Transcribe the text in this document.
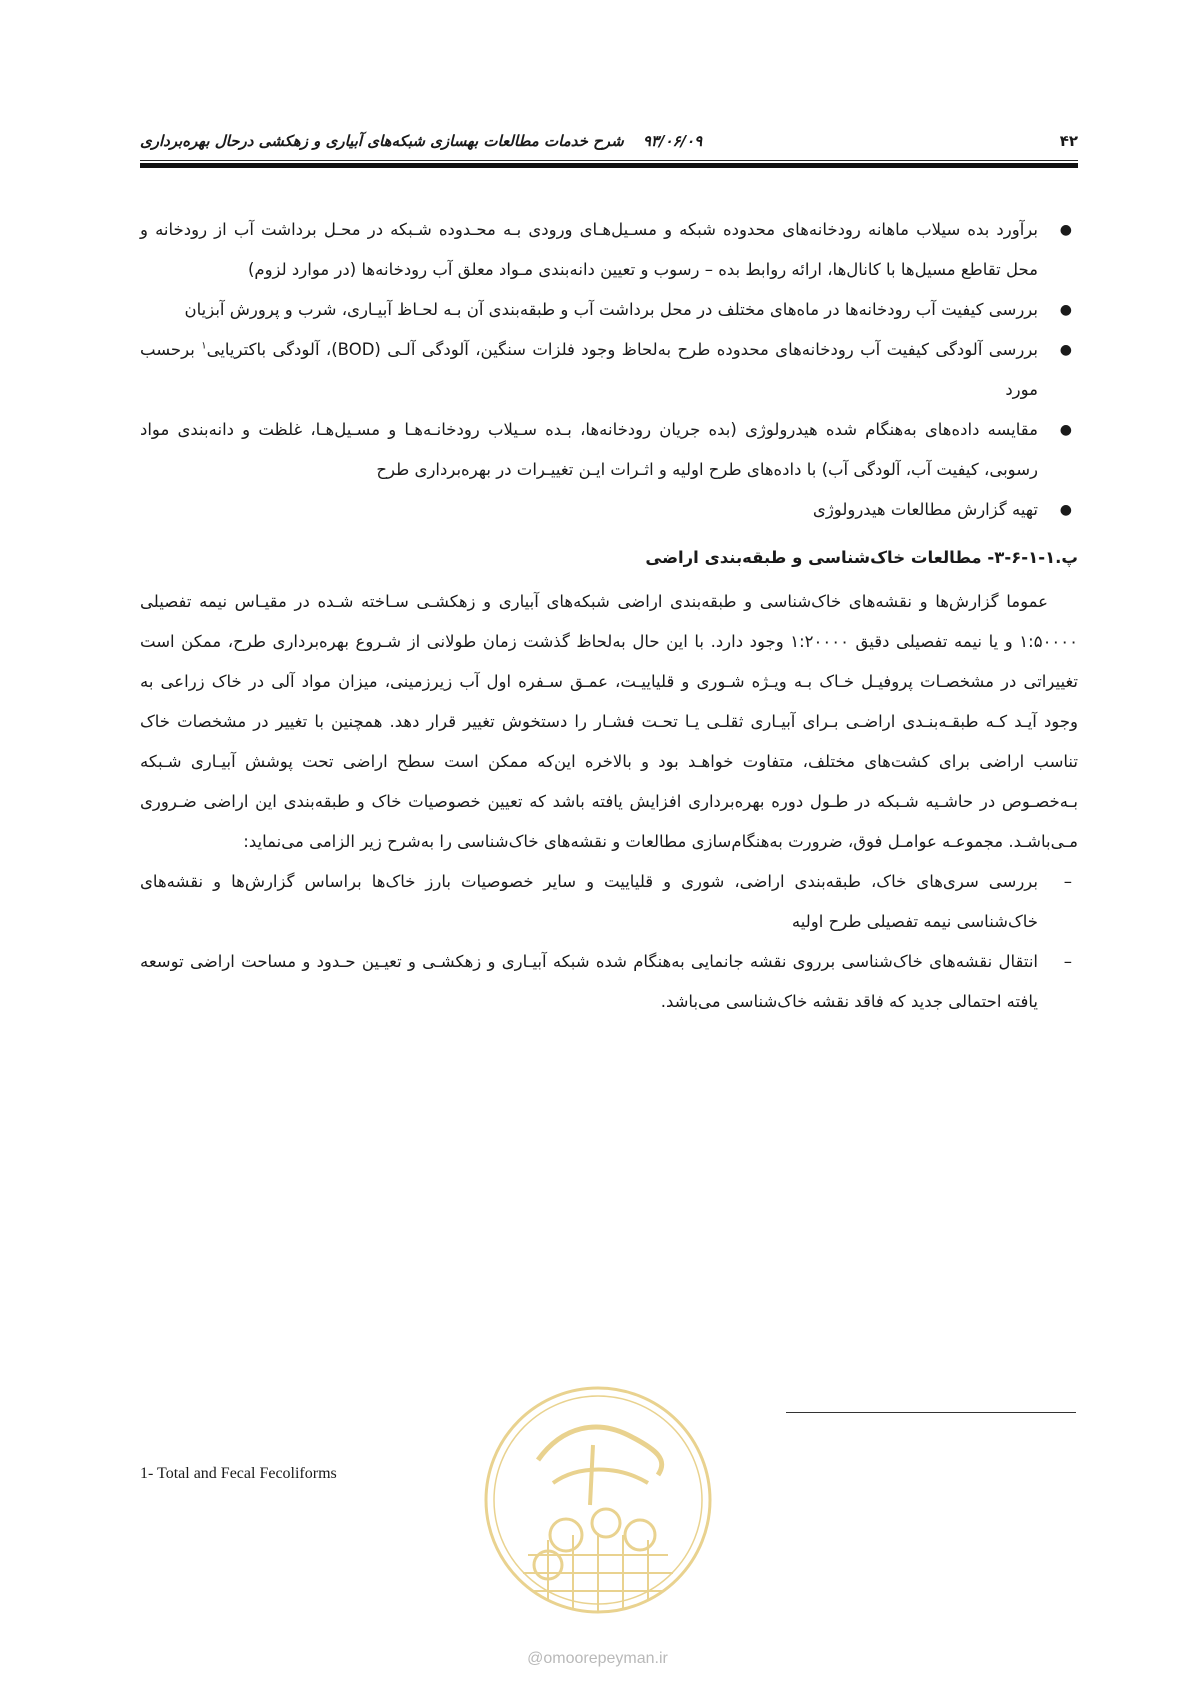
۴۲
۹۳/۰۶/۰۹ شرح خدمات مطالعات بهسازی شبکه‌های آبیاری و زهکشی درحال بهره‌برداری
●
برآورد بده سیلاب ماهانه رودخانه‌های محدوده شبکه و مسـیل‌هـای ورودی بـه محـدوده شـبکه در محـل برداشت آب از رودخانه و محل تقاطع مسیل‌ها با کانال‌ها، ارائه روابط بده – رسوب و تعیین دانه‌بندی مـواد معلق آب رودخانه‌ها (در موارد لزوم)
●
بررسی کیفیت آب رودخانه‌ها در ماه‌های مختلف در محل برداشت آب و طبقه‌بندی آن بـه لحـاظ آبیـاری، شرب و پرورش آبزیان
●
بررسی آلودگی کیفیت آب رودخانه‌های محدوده طرح به‌لحاظ وجود فلزات سنگین، آلودگی آلـی (BOD)، آلودگی باکتریایی$^۱$ برحسب مورد
●
مقایسه داده‌های به‌هنگام شده هیدرولوژی (بده جریان رودخانه‌ها، بـده سـیلاب رودخانـه‌هـا و مسـیل‌هـا، غلظت و دانه‌بندی مواد رسوبی، کیفیت آب، آلودگی آب) با داده‌های طرح اولیه و اثـرات ایـن تغییـرات در بهره‌برداری طرح
●
تهیه گزارش مطالعات هیدرولوژی
پ.۱-۱-۶-۳- مطالعات خاک‌شناسی و طبقه‌بندی اراضی

عموما گزارش‌ها و نقشه‌های خاک‌شناسی و طبقه‌بندی اراضی شبکه‌های آبیاری و زهکشـی سـاخته شـده در مقیـاس نیمه تفصیلی ۱:۵۰۰۰۰ و یا نیمه تفصیلی دقیق ۱:۲۰۰۰۰ وجود دارد. با این حال به‌لحاظ گذشت زمان طولانی از شـروع بهره‌برداری طرح، ممکن است تغییراتی در مشخصـات پروفیـل خـاک بـه ویـژه شـوری و قلیاییـت، عمـق سـفره اول آب زیرزمینی، میزان مواد آلی در خاک زراعی به وجود آیـد کـه طبقـه‌بنـدی اراضـی بـرای آبیـاری ثقلـی یـا تحـت فشـار را دستخوش تغییر قرار دهد. همچنین با تغییر در مشخصات خاک تناسب اراضی برای کشت‌های مختلف، متفاوت خواهـد بود و بالاخره این‌که ممکن است سطح اراضی تحت پوشش آبیـاری شـبکه بـه‌خصـوص در حاشـیه شـبکه در طـول دوره بهره‌برداری افزایش یافته باشد که تعیین خصوصیات خاک و طبقه‌بندی این اراضی ضـروری مـی‌باشـد. مجموعـه عوامـل فوق، ضرورت به‌هنگام‌سازی مطالعات و نقشه‌های خاک‌شناسی را به‌شرح زیر الزامی می‌نماید:

–
بررسی سری‌های خاک، طبقه‌بندی اراضی، شوری و قلیاییت و سایر خصوصیات بارز خاک‌ها براساس گزارش‌ها و نقشه‌های خاک‌شناسی نیمه تفصیلی طرح اولیه
–
انتقال نقشه‌های خاک‌شناسی برروی نقشه جانمایی به‌هنگام شده شبکه آبیـاری و زهکشـی و تعیـین حـدود و مساحت اراضی توسعه یافته احتمالی جدید که فاقد نقشه خاک‌شناسی می‌باشد.
1- Total and Fecal Fecoliforms
@omoorepeyman.ir
